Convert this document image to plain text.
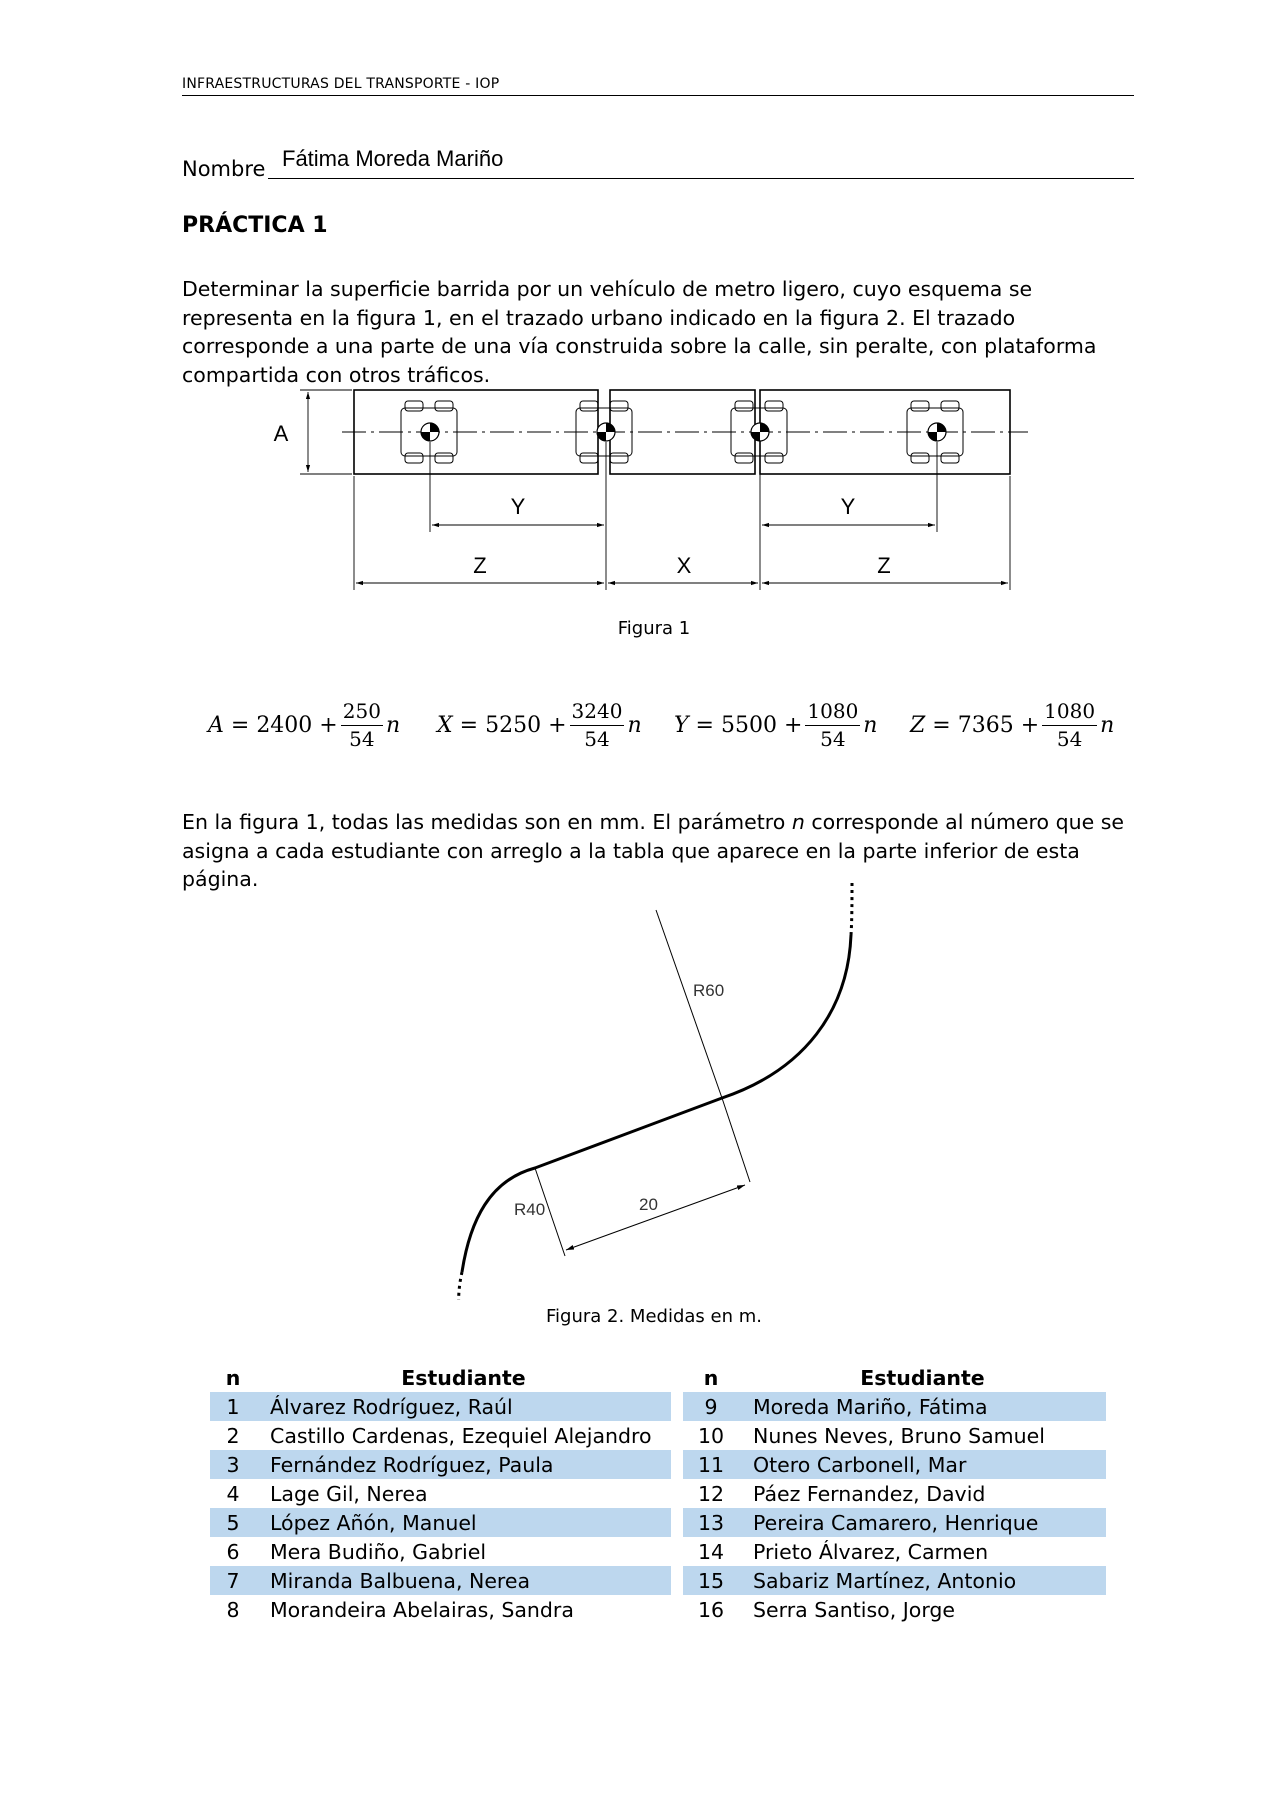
INFRAESTRUCTURAS DEL TRANSPORTE - IOP
Nombre Fátima Moreda Mariño
PRÁCTICA 1

Determinar la superficie barrida por un vehículo de metro ligero, cuyo esquema se representa en la figura 1, en el trazado urbano indicado en la figura 2. El trazado corresponde a una parte de una vía construida sobre la calle, sin peralte, con plataforma compartida con otros tráficos.

A
Y	Y
Z	X	Z
Figura 1
$A = 2400 + \frac{250}{54}$ n $X = 5250 + \frac{3240}{54}$ n $Y = 5500 + \frac{1080}{54}$ n $Z = 7365 + \frac{1080}{54}$ n

En la figura 1, todas las medidas son en mm. El parámetro n corresponde al número que se asigna a cada estudiante con arreglo a la tabla que aparece en la parte inferior de esta página.

R60
R40	20
Figura 2. Medidas en m.
n	Estudiante		n	Estudiante
1	Álvarez Rodríguez, Raúl		9	Moreda Mariño, Fátima
2	Castillo Cardenas, Ezequiel Alejandro		10	Nunes Neves, Bruno Samuel
3	Fernández Rodríguez, Paula		11	Otero Carbonell, Mar
4	Lage Gil, Nerea		12	Páez Fernandez, David
5	López Añón, Manuel		13	Pereira Camarero, Henrique
6	Mera Budiño, Gabriel		14	Prieto Álvarez, Carmen
7	Miranda Balbuena, Nerea		15	Sabariz Martínez, Antonio
8	Morandeira Abelairas, Sandra		16	Serra Santiso, Jorge
